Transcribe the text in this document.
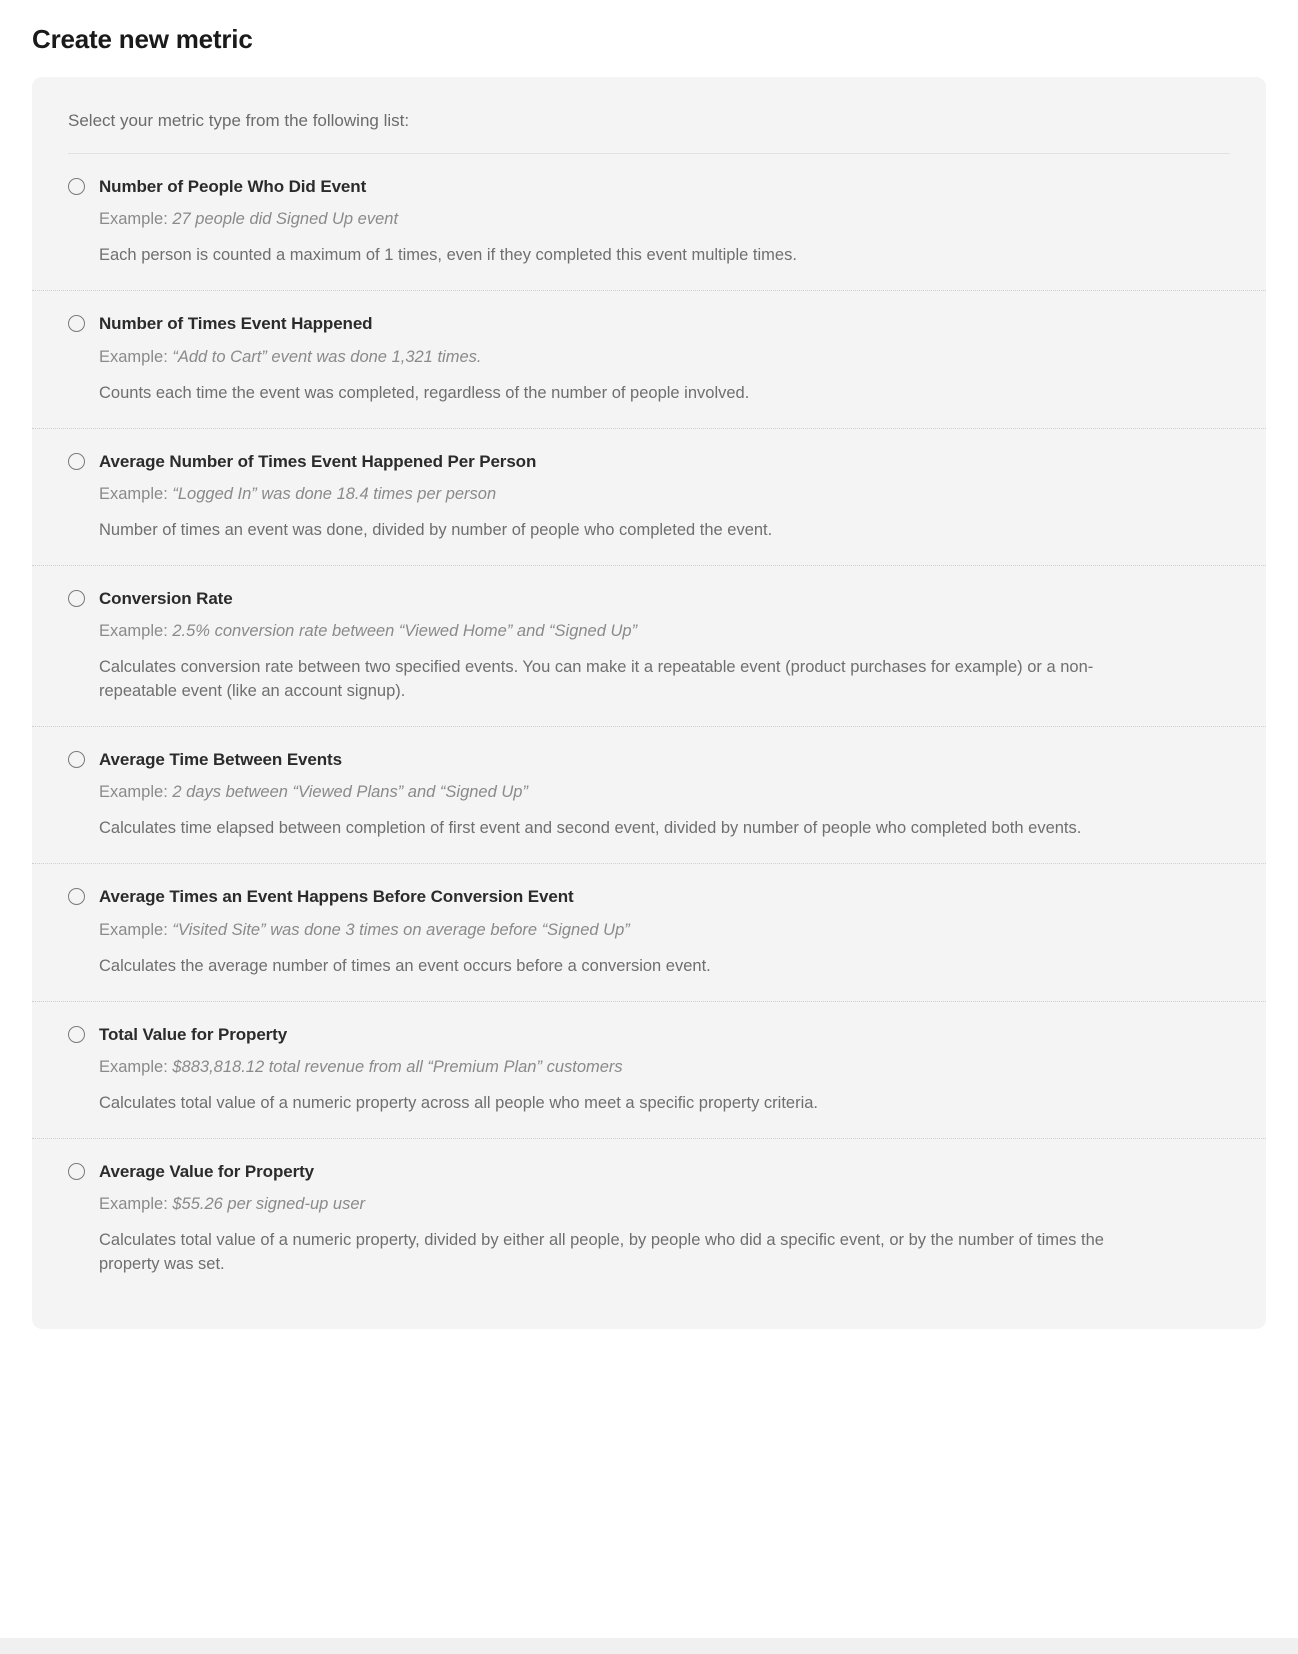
Create new metric

Select your metric type from the following list:

Number of People Who Did Event

Example: 27 people did Signed Up event

Each person is counted a maximum of 1 times, even if they completed this event multiple times.

Number of Times Event Happened

Example: “Add to Cart” event was done 1,321 times.

Counts each time the event was completed, regardless of the number of people involved.

Average Number of Times Event Happened Per Person

Example: “Logged In” was done 18.4 times per person

Number of times an event was done, divided by number of people who completed the event.

Conversion Rate

Example: 2.5% conversion rate between “Viewed Home” and “Signed Up”

Calculates conversion rate between two specified events. You can make it a repeatable event (product purchases for example) or a non-repeatable event (like an account signup).

Average Time Between Events

Example: 2 days between “Viewed Plans” and “Signed Up”

Calculates time elapsed between completion of first event and second event, divided by number of people who completed both events.

Average Times an Event Happens Before Conversion Event

Example: “Visited Site” was done 3 times on average before “Signed Up”

Calculates the average number of times an event occurs before a conversion event.

Total Value for Property

Example: $883,818.12 total revenue from all “Premium Plan” customers

Calculates total value of a numeric property across all people who meet a specific property criteria.

Average Value for Property

Example: $55.26 per signed-up user

Calculates total value of a numeric property, divided by either all people, by people who did a specific event, or by the number of times the property was set.
